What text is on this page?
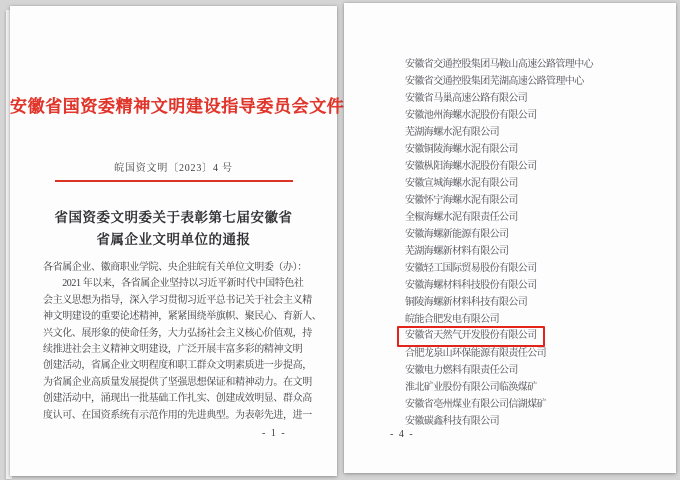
安徽省国资委精神文明建设指导委员会文件
皖国资文明〔2023〕4 号
省国资委文明委关于表彰第七届安徽省
省属企业文明单位的通报
各省属企业、徽商职业学院、央企驻皖有关单位文明委（办）：
　　2021 年以来，各省属企业坚持以习近平新时代中国特色社
会主义思想为指导，深入学习贯彻习近平总书记关于社会主义精
神文明建设的重要论述精神，紧紧围绕举旗帜、聚民心、育新人、
兴文化、展形象的使命任务，大力弘扬社会主义核心价值观，持
续推进社会主义精神文明建设，广泛开展丰富多彩的精神文明
创建活动，省属企业文明程度和职工群众文明素质进一步提高，
为省属企业高质量发展提供了坚强思想保证和精神动力。在文明
创建活动中，涌现出一批基础工作扎实、创建成效明显、群众高
度认可、在国资系统有示范作用的先进典型。为表彰先进，进一
- 1 -
安徽省交通控股集团马鞍山高速公路管理中心
安徽省交通控股集团芜湖高速公路管理中心
安徽省马巢高速公路有限公司
安徽池州海螺水泥股份有限公司
芜湖海螺水泥有限公司
安徽铜陵海螺水泥有限公司
安徽枞阳海螺水泥股份有限公司
安徽宣城海螺水泥有限公司
安徽怀宁海螺水泥有限公司
全椒海螺水泥有限责任公司
安徽海螺新能源有限公司
芜湖海螺新材料有限公司
安徽轻工国际贸易股份有限公司
安徽海螺材料科技股份有限公司
铜陵海螺新材料科技有限公司
皖能合肥发电有限公司
安徽省天然气开发股份有限公司
合肥龙泉山环保能源有限责任公司
安徽电力燃料有限责任公司
淮北矿业股份有限公司临涣煤矿
安徽省亳州煤业有限公司信湖煤矿
安徽碳鑫科技有限公司
- 4 -
